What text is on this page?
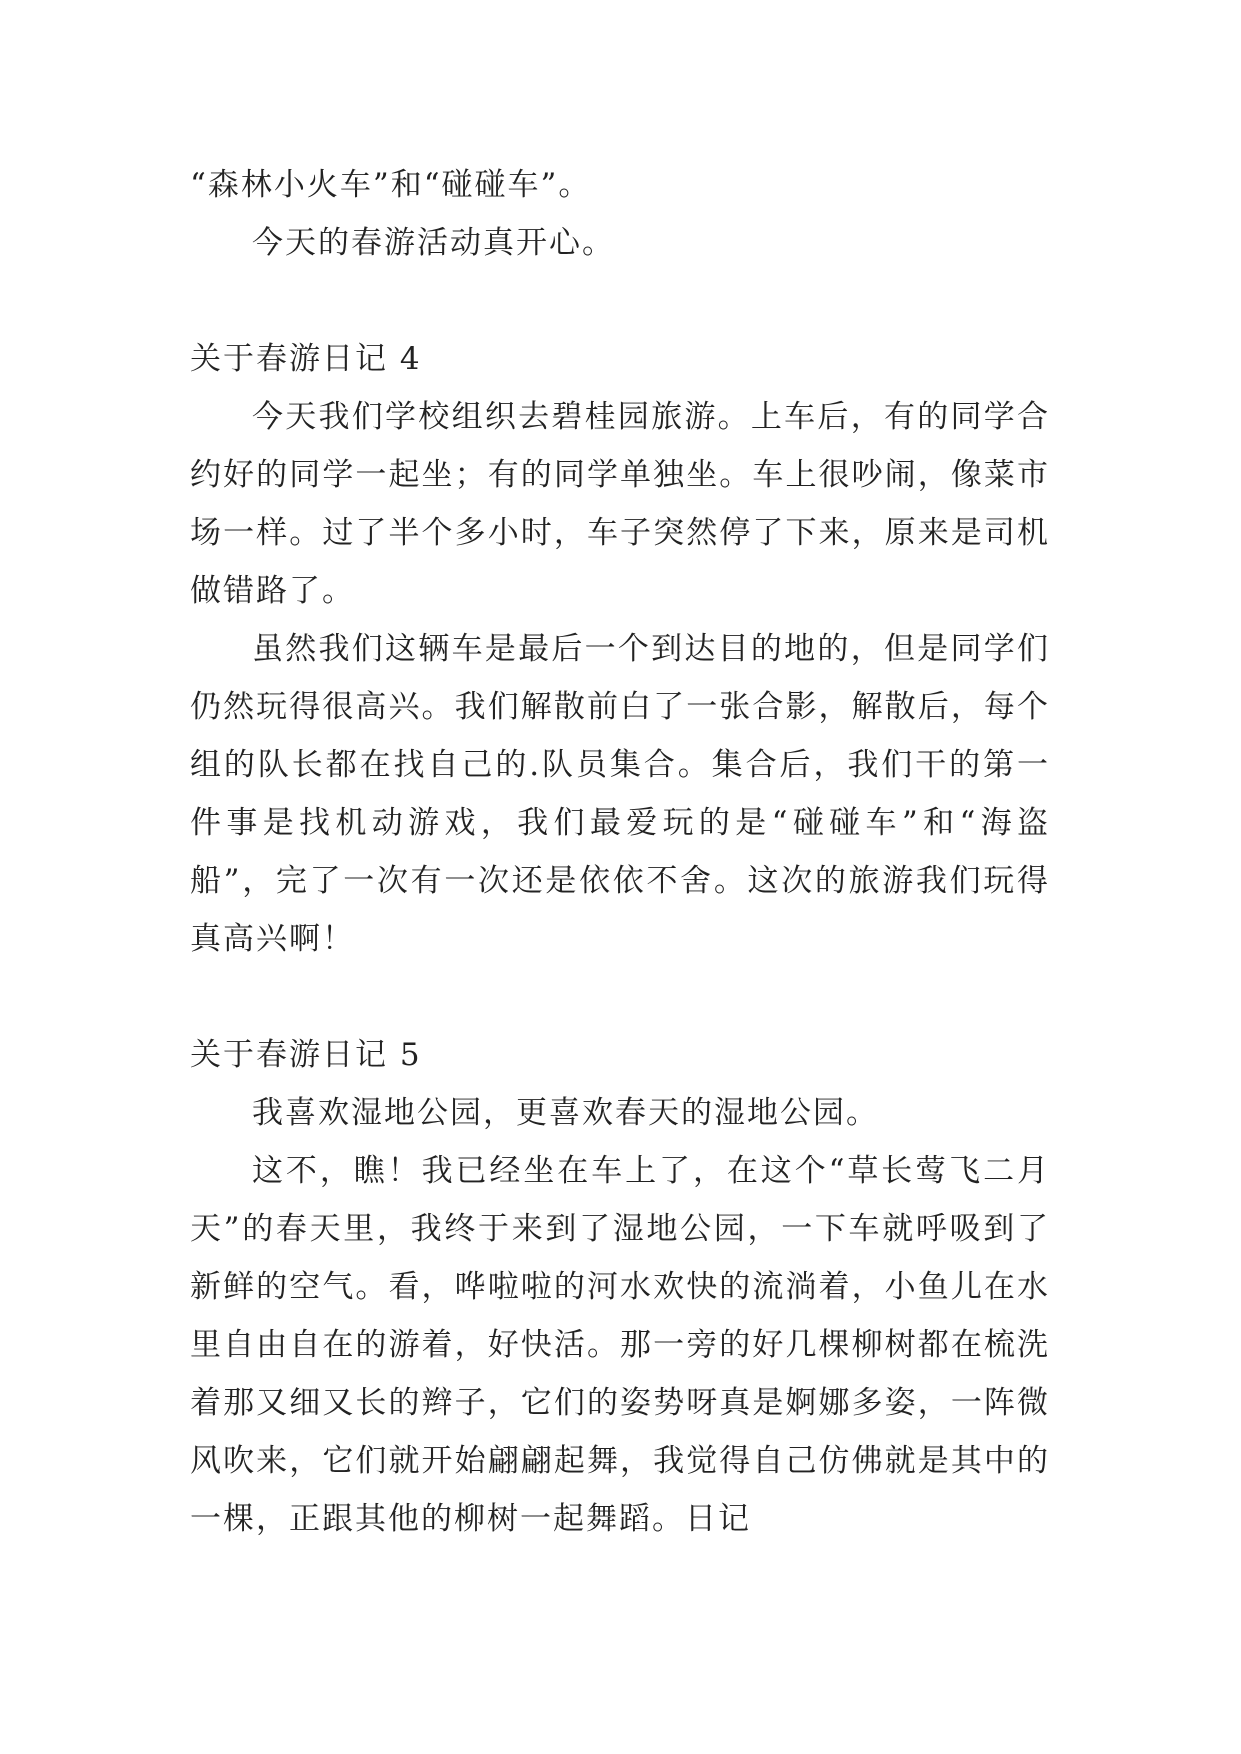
“森林小火车”和“碰碰车”。

今天的春游活动真开心。

关于春游日记 4

今天我们学校组织去碧桂园旅游。上车后，有的同学合约好的同学一起坐；有的同学单独坐。车上很吵闹，像菜市场一样。过了半个多小时，车子突然停了下来，原来是司机做错路了。

虽然我们这辆车是最后一个到达目的地的，但是同学们仍然玩得很高兴。我们解散前白了一张合影，解散后，每个组的队长都在找自己的.队员集合。集合后，我们干的第一件事是找机动游戏，我们最爱玩的是“碰碰车”和“海盗船”，完了一次有一次还是依依不舍。这次的旅游我们玩得真高兴啊！

关于春游日记 5

我喜欢湿地公园，更喜欢春天的湿地公园。

这不，瞧！我已经坐在车上了，在这个“草长莺飞二月天”的春天里，我终于来到了湿地公园，一下车就呼吸到了新鲜的空气。看，哗啦啦的河水欢快的流淌着，小鱼儿在水里自由自在的游着，好快活。那一旁的好几棵柳树都在梳洗着那又细又长的辫子，它们的姿势呀真是婀娜多姿，一阵微风吹来，它们就开始翩翩起舞，我觉得自己仿佛就是其中的一棵，正跟其他的柳树一起舞蹈。日记
